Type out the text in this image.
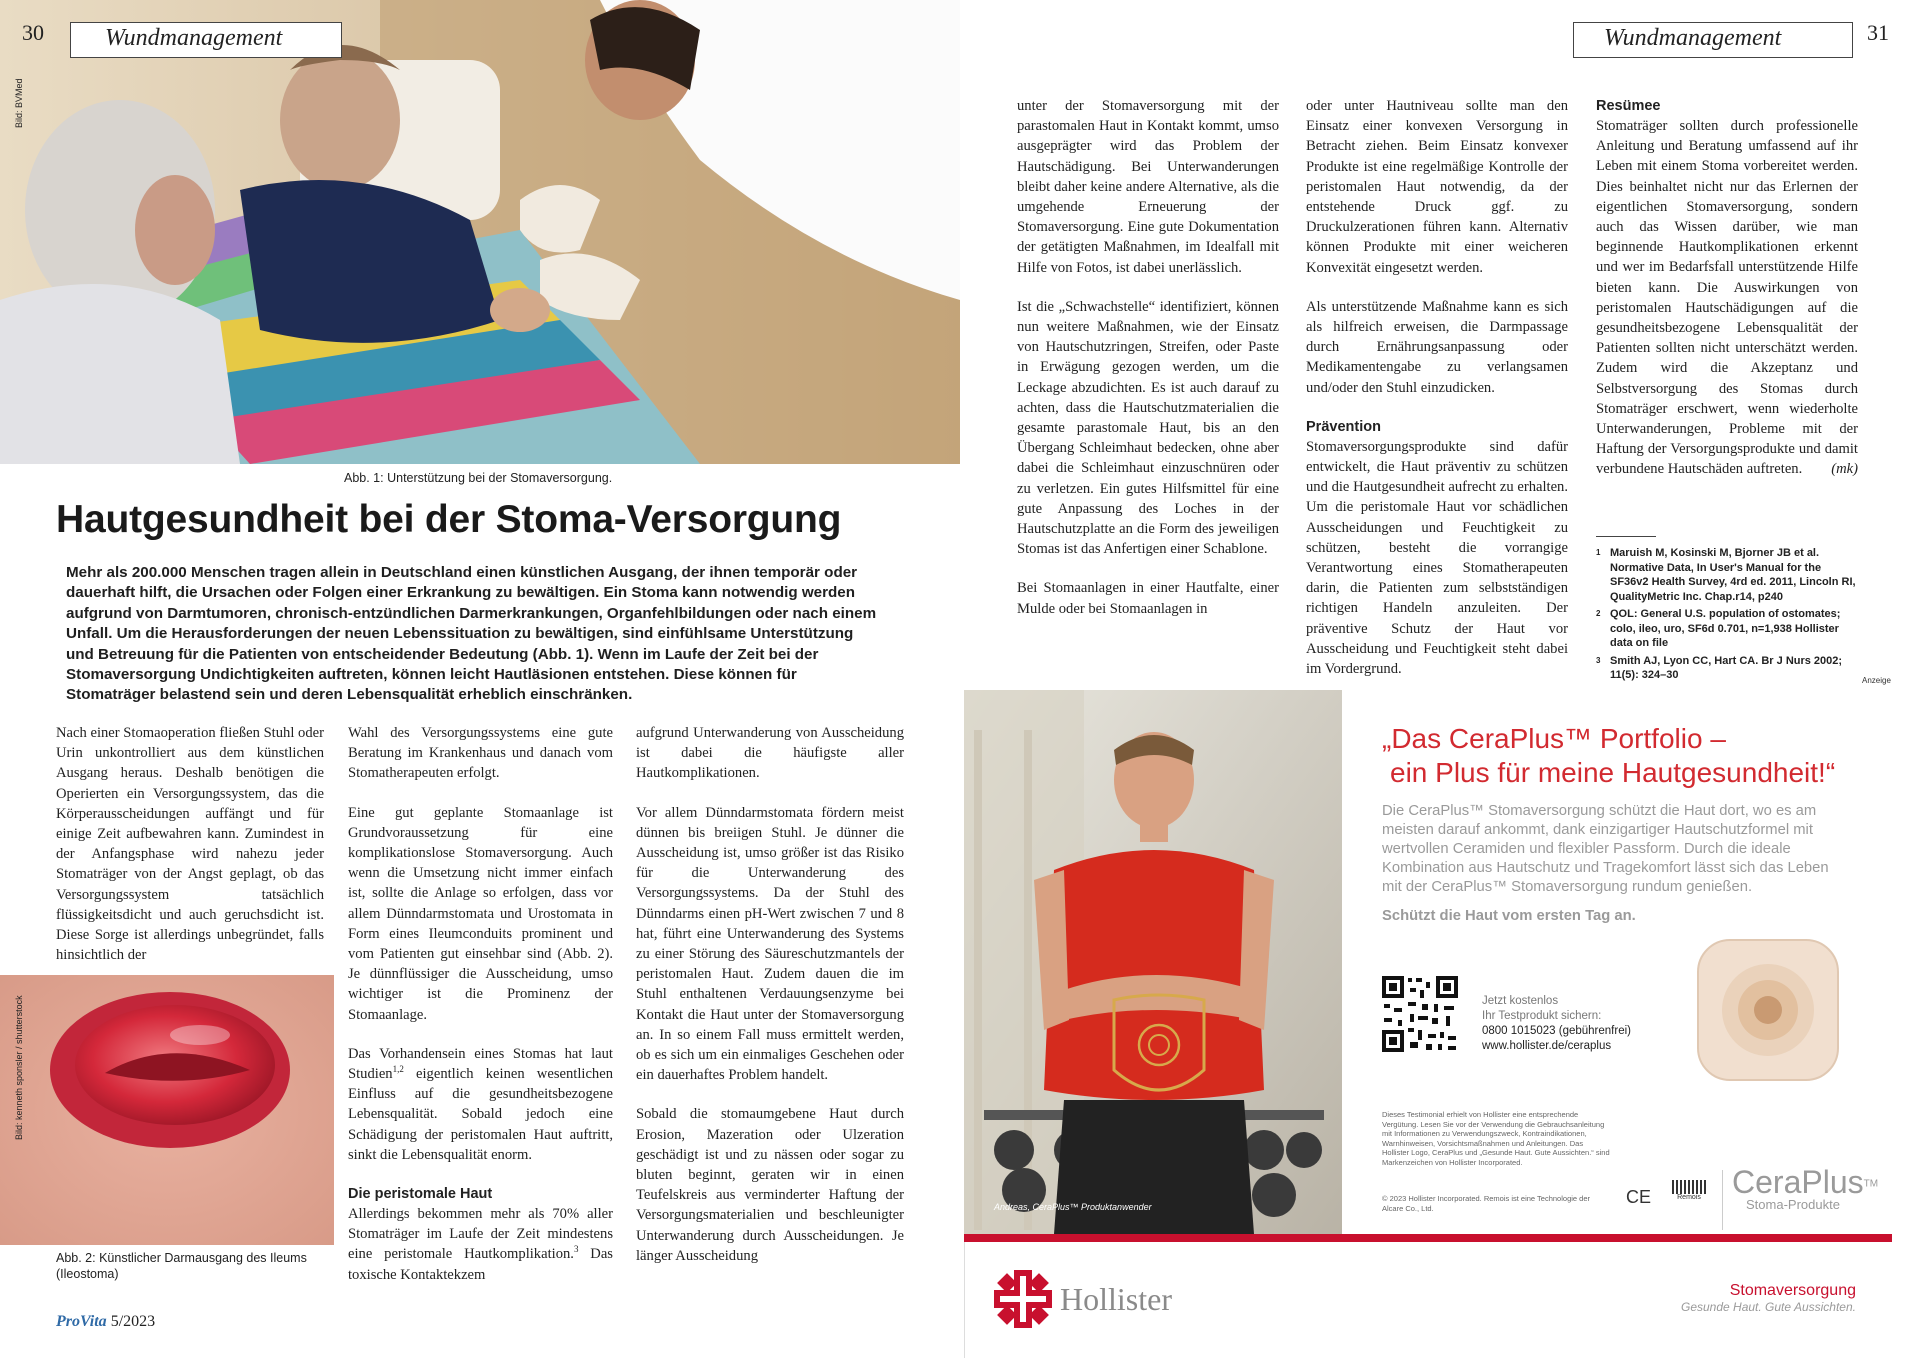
Bild: BVMed
30	Wundmanagement
Abb. 1: Unterstützung bei der Stomaversorgung.
Hautgesundheit bei der Stoma-Versorgung
Mehr als 200.000 Menschen tragen allein in Deutschland einen künstlichen Ausgang, der ihnen temporär oder dauerhaft hilft, die Ursachen oder Folgen einer Erkrankung zu bewältigen. Ein Stoma kann notwendig werden aufgrund von Darmtumoren, chronisch-entzündlichen Darmerkrankungen, Organfehlbildungen oder nach einem Unfall. Um die Herausforderungen der neuen Lebenssituation zu bewältigen, sind einfühlsame Unterstützung und Betreuung für die Patienten von entscheidender Bedeutung (Abb. 1). Wenn im Laufe der Zeit bei der Stomaversorgung Undichtigkeiten auftreten, können leicht Hautläsionen entstehen. Diese können für Stomaträger belastend sein und deren Lebensqualität erheblich einschränken.

Nach einer Stomaoperation fließen Stuhl oder Urin unkontrolliert aus dem künstlichen Ausgang heraus. Deshalb benötigen die Operierten ein Versorgungssystem, das die Körperausscheidungen auffängt und für einige Zeit aufbewahren kann. Zumindest in der Anfangsphase wird nahezu jeder Stomaträger von der Angst geplagt, ob das Versorgungssystem tatsächlich flüssigkeitsdicht und auch geruchsdicht ist. Diese Sorge ist allerdings unbegründet, falls hinsichtlich der

Bild: kenneth sponsler / shutterstock
Abb. 2: Künstlicher Darmausgang des Ileums (Ileostoma)

Wahl des Versorgungssystems eine gute Beratung im Krankenhaus und danach vom Stomatherapeuten erfolgt.

Eine gut geplante Stomaanlage ist Grundvoraussetzung für eine komplikationslose Stomaversorgung. Auch wenn die Umsetzung nicht immer einfach ist, sollte die Anlage so erfolgen, dass vor allem Dünndarmstomata und Urostomata in Form eines Ileumconduits prominent und vom Patienten gut einsehbar sind (Abb. 2). Je dünnflüssiger die Ausscheidung, umso wichtiger ist die Prominenz der Stomaanlage.

Das Vorhandensein eines Stomas hat laut Studien$^{1,2}$ eigentlich keinen wesentlichen Einfluss auf die gesundheitsbezogene Lebensqualität. Sobald jedoch eine Schädigung der peristomalen Haut auftritt, sinkt die Lebensqualität enorm.

Die peristomale Haut

Allerdings bekommen mehr als 70% aller Stomaträger im Laufe der Zeit mindestens eine peristomale Hautkomplikation.$^3$ Das toxische Kontaktekzem

aufgrund Unterwanderung von Ausscheidung ist dabei die häufigste aller Hautkomplikationen.

Vor allem Dünndarmstomata fördern meist dünnen bis breiigen Stuhl. Je dünner die Ausscheidung ist, umso größer ist das Risiko für die Unterwanderung des Versorgungssystems. Da der Stuhl des Dünndarms einen pH-Wert zwischen 7 und 8 hat, führt eine Unterwanderung des Systems zu einer Störung des Säureschutzmantels der peristomalen Haut. Zudem dauen die im Stuhl enthaltenen Verdauungsenzyme bei Kontakt die Haut unter der Stomaversorgung an. In so einem Fall muss ermittelt werden, ob es sich um ein einmaliges Geschehen oder ein dauerhaftes Problem handelt.

Sobald die stomaumgebene Haut durch Erosion, Mazeration oder Ulzeration geschädigt ist und zu nässen oder sogar zu bluten beginnt, geraten wir in einen Teufelskreis aus verminderter Haftung der Versorgungsmaterialien und beschleunigter Unterwanderung durch Ausscheidungen. Je länger Ausscheidung

ProVita 5/2023
Wundmanagement	31

unter der Stomaversorgung mit der parastomalen Haut in Kontakt kommt, umso ausgeprägter wird das Problem der Hautschädigung. Bei Unterwanderungen bleibt daher keine andere Alternative, als die umgehende Erneuerung der Stomaversorgung. Eine gute Dokumentation der getätigten Maßnahmen, im Idealfall mit Hilfe von Fotos, ist dabei unerlässlich.

Ist die „Schwachstelle“ identifiziert, können nun weitere Maßnahmen, wie der Einsatz von Hautschutzringen, Streifen, oder Paste in Erwägung gezogen werden, um die Leckage abzudichten. Es ist auch darauf zu achten, dass die Hautschutzmaterialien die gesamte parastomale Haut, bis an den Übergang Schleimhaut bedecken, ohne aber dabei die Schleimhaut einzuschnüren oder zu verletzen. Ein gutes Hilfsmittel für eine gute Anpassung des Loches in der Hautschutzplatte an die Form des jeweiligen Stomas ist das Anfertigen einer Schablone.

Bei Stomaanlagen in einer Hautfalte, einer Mulde oder bei Stomaanlagen in

oder unter Hautniveau sollte man den Einsatz einer konvexen Versorgung in Betracht ziehen. Beim Einsatz konvexer Produkte ist eine regelmäßige Kontrolle der peristomalen Haut notwendig, da der entstehende Druck ggf. zu Druckulzerationen führen kann. Alternativ können Produkte mit einer weicheren Konvexität eingesetzt werden.

Als unterstützende Maßnahme kann es sich als hilfreich erweisen, die Darmpassage durch Ernährungsanpassung oder Medikamentengabe zu verlangsamen und/oder den Stuhl einzudicken.

Prävention

Stomaversorgungsprodukte sind dafür entwickelt, die Haut präventiv zu schützen und die Hautgesundheit aufrecht zu erhalten. Um die peristomale Haut vor schädlichen Ausscheidungen und Feuchtigkeit zu schützen, besteht die vorrangige Verantwortung eines Stomatherapeuten darin, die Patienten zum selbstständigen richtigen Handeln anzuleiten. Der präventive Schutz der Haut vor Ausscheidung und Feuchtigkeit steht dabei im Vordergrund.

Resümee

Stomaträger sollten durch professionelle Anleitung und Beratung umfassend auf ihr Leben mit einem Stoma vorbereitet werden. Dies beinhaltet nicht nur das Erlernen der eigentlichen Stomaversorgung, sondern auch das Wissen darüber, wie man beginnende Hautkomplikationen erkennt und wer im Bedarfsfall unterstützende Hilfe bieten kann. Die Auswirkungen von peristomalen Hautschädigungen auf die gesundheitsbezogene Lebensqualität der Patienten sollten nicht unterschätzt werden. Zudem wird die Akzeptanz und Selbstversorgung des Stomas durch Stomaträger erschwert, wenn wiederholte Unterwanderungen, Probleme mit der Haftung der Versorgungsprodukte und damit verbundene Hautschäden auftreten. (mk)

1 Maruish M, Kosinski M, Bjorner JB et al. Normative Data, In User's Manual for the SF36v2 Health Survey, 4rd ed. 2011, Lincoln RI, QualityMetric Inc. Chap.r14, p240
2 QOL: General U.S. population of ostomates; colo, ileo, uro, SF6d 0.701, n=1,938 Hollister data on file
3 Smith AJ, Lyon CC, Hart CA. Br J Nurs 2002; 11(5): 324–30	Anzeige
Andreas, CeraPlus™ Produktanwender
„Das CeraPlus™ Portfolio –
ein Plus für meine Hautgesundheit!“
Die CeraPlus™ Stomaversorgung schützt die Haut dort, wo es am meisten darauf ankommt, dank einzigartiger Hautschutzformel mit wertvollen Ceramiden und flexibler Passform. Durch die ideale Kombination aus Hautschutz und Tragekomfort lässt sich das Leben mit der CeraPlus™ Stomaversorgung rundum genießen.
Schützt die Haut vom ersten Tag an.
Jetzt kostenlos
Ihr Testprodukt sichern:
0800 1015023 (gebührenfrei)
www.hollister.de/ceraplus
Dieses Testimonial erhielt von Hollister eine entsprechende Vergütung. Lesen Sie vor der Verwendung die Gebrauchsanleitung mit Informationen zu Verwendungszweck, Kontraindikationen, Warnhinweisen, Vorsichtsmaßnahmen und Anleitungen. Das Hollister Logo, CeraPlus und „Gesunde Haut. Gute Aussichten.“ sind Markenzeichen von Hollister Incorporated.
© 2023 Hollister Incorporated. Remois ist eine Technologie der Alcare Co., Ltd.
CE	Remois CeraPlus™
Stoma-Produkte
Hollister	Stomaversorgung
Gesunde Haut. Gute Aussichten.
